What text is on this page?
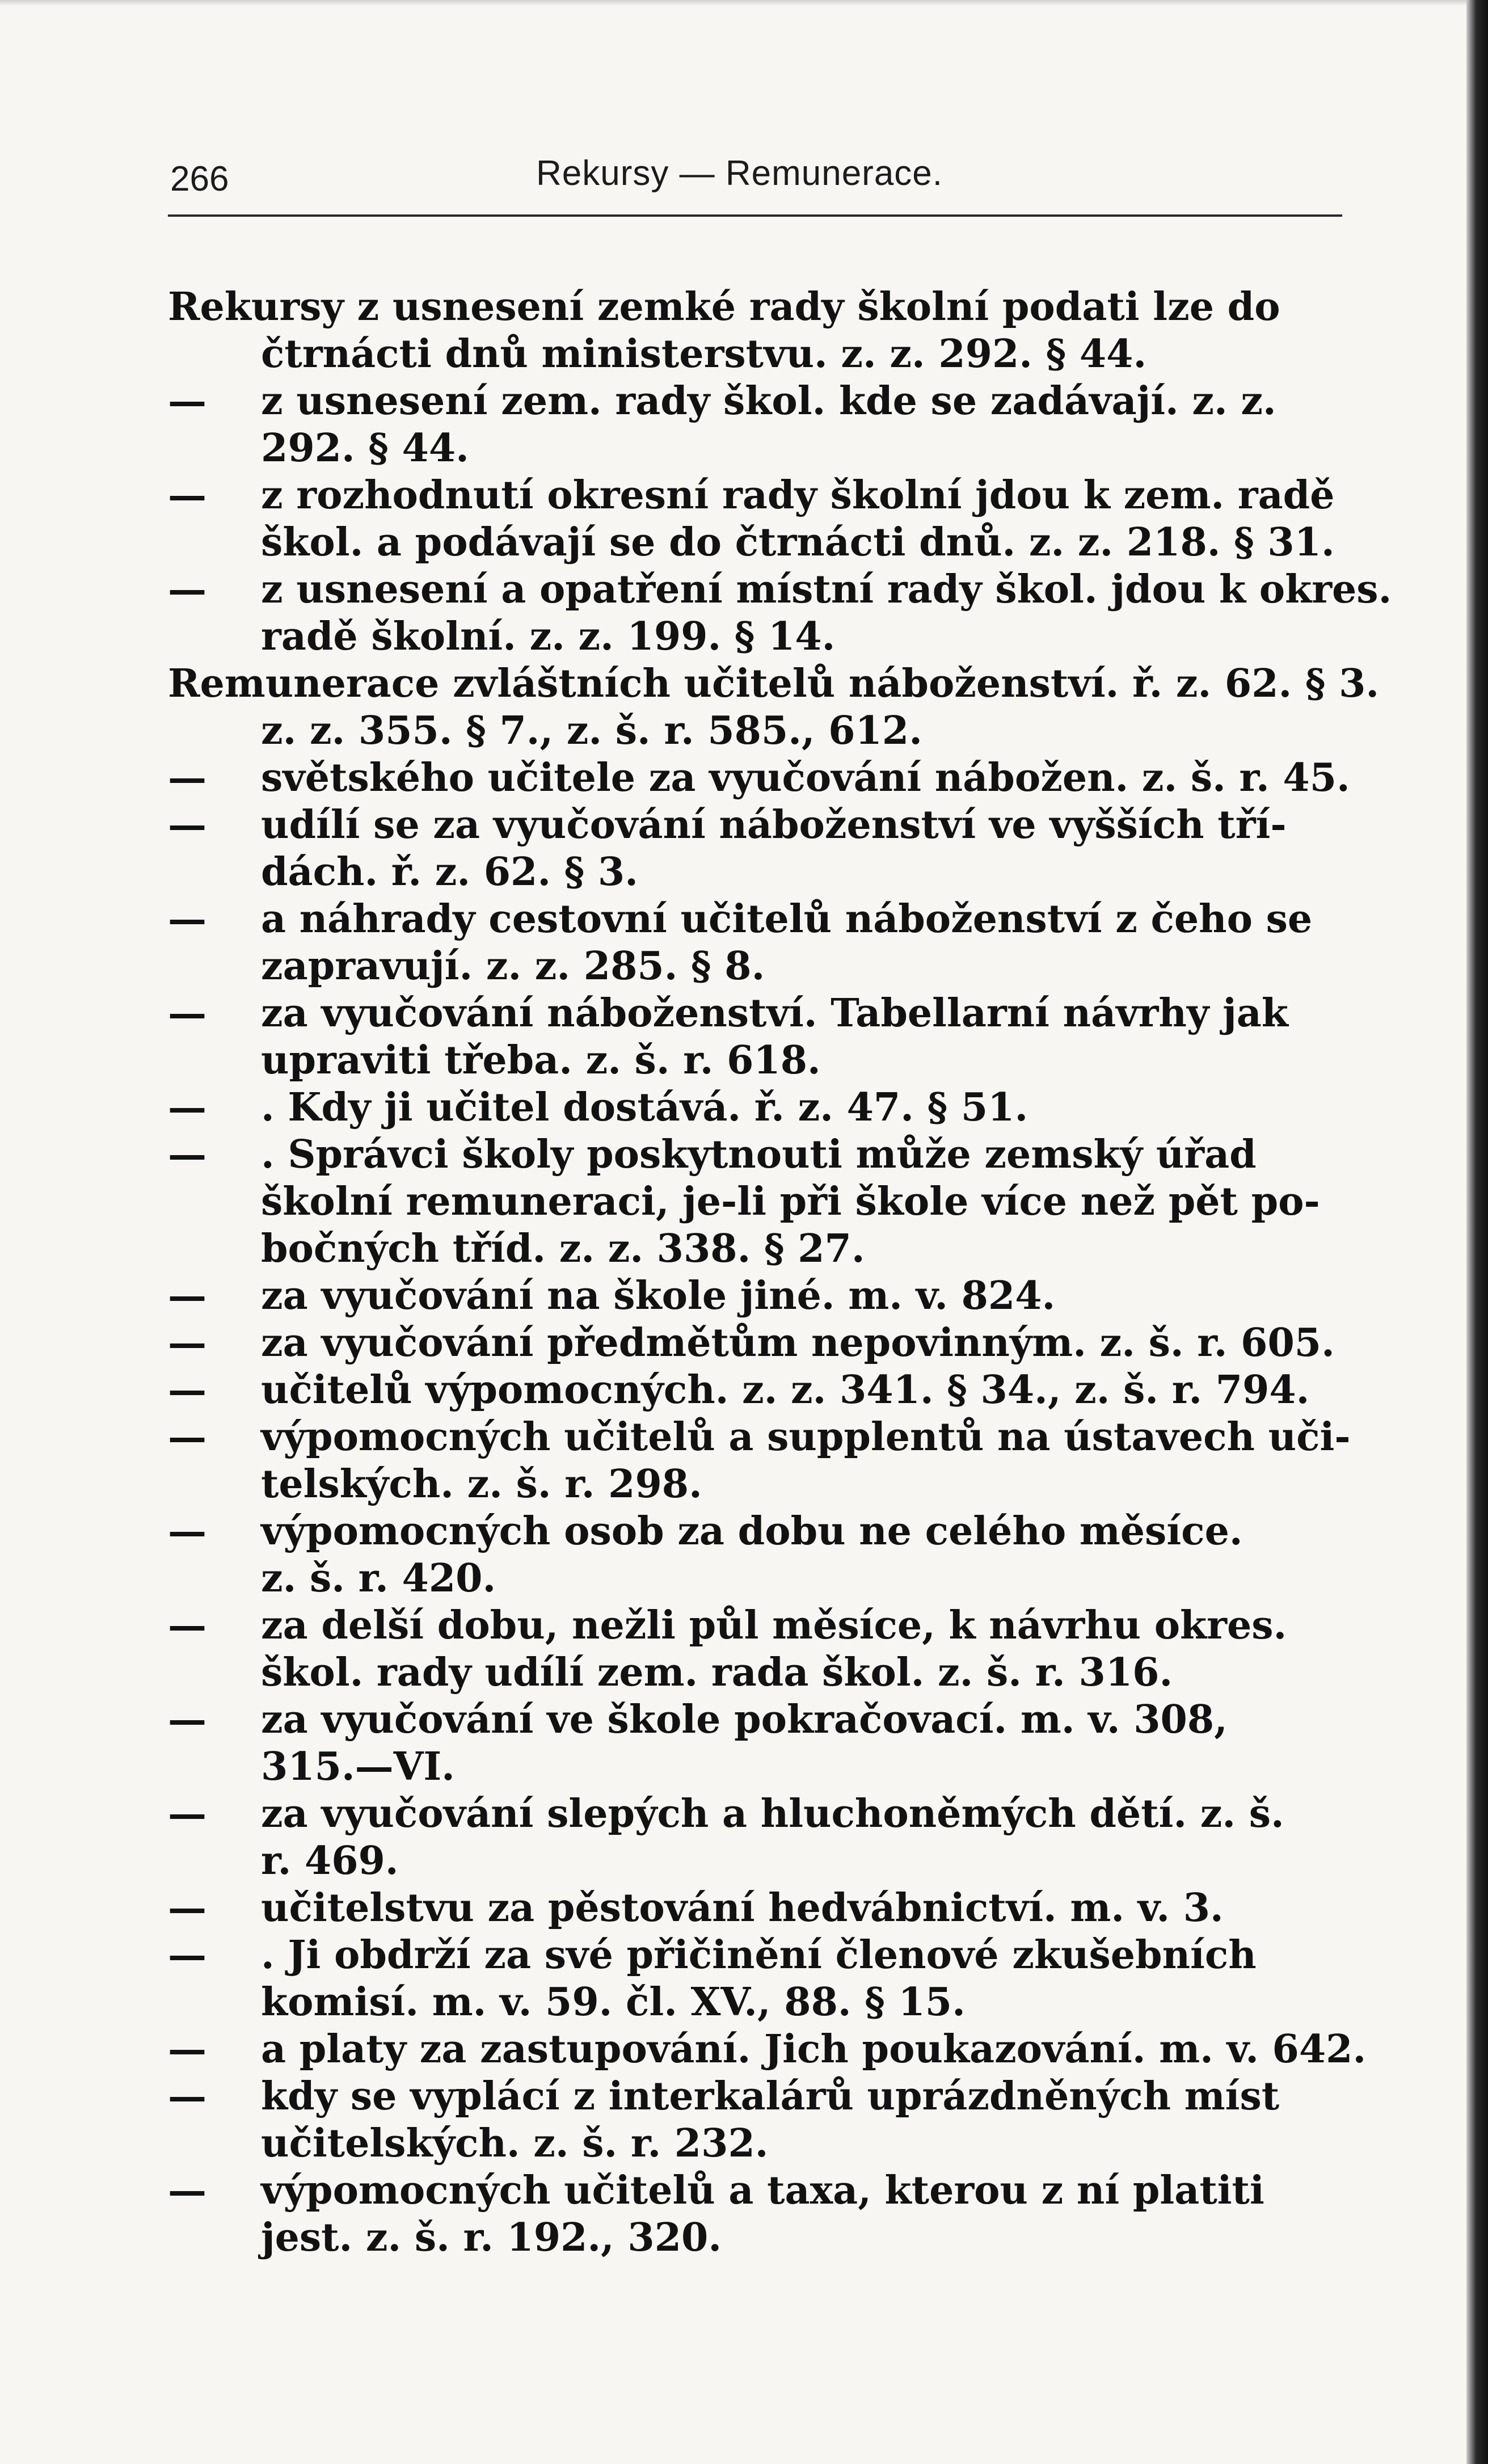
266	Rekursy — Remunerace.
Rekursy z usnesení zemké rady školní podati lze do
čtrnácti dnů ministerstvu. z. z. 292. § 44.
— z usnesení zem. rady škol. kde se zadávají. z. z.
292. § 44.
— z rozhodnutí okresní rady školní jdou k zem. radě
škol. a podávají se do čtrnácti dnů. z. z. 218. § 31.
— z usnesení a opatření místní rady škol. jdou k okres.
radě školní. z. z. 199. § 14.
Remunerace zvláštních učitelů náboženství. ř. z. 62. § 3.
z. z. 355. § 7., z. š. r. 585., 612.
— světského učitele za vyučování nábožen. z. š. r. 45.
— udílí se za vyučování náboženství ve vyšších tří-
dách. ř. z. 62. § 3.
— a náhrady cestovní učitelů náboženství z čeho se
zapravují. z. z. 285. § 8.
— za vyučování náboženství. Tabellarní návrhy jak
upraviti třeba. z. š. r. 618.
— . Kdy ji učitel dostává. ř. z. 47. § 51.
— . Správci školy poskytnouti může zemský úřad
školní remuneraci, je-li při škole více než pět po-
bočných tříd. z. z. 338. § 27.
— za vyučování na škole jiné. m. v. 824.
— za vyučování předmětům nepovinným. z. š. r. 605.
— učitelů výpomocných. z. z. 341. § 34., z. š. r. 794.
— výpomocných učitelů a supplentů na ústavech uči-
telských. z. š. r. 298.
— výpomocných osob za dobu ne celého měsíce.
z. š. r. 420.
— za delší dobu, nežli půl měsíce, k návrhu okres.
škol. rady udílí zem. rada škol. z. š. r. 316.
— za vyučování ve škole pokračovací. m. v. 308,
315.—VI.
— za vyučování slepých a hluchoněmých dětí. z. š.
r. 469.
— učitelstvu za pěstování hedvábnictví. m. v. 3.
— . Ji obdrží za své přičinění členové zkušebních
komisí. m. v. 59. čl. XV., 88. § 15.
— a platy za zastupování. Jich poukazování. m. v. 642.
— kdy se vyplácí z interkalárů uprázdněných míst
učitelských. z. š. r. 232.
— výpomocných učitelů a taxa, kterou z ní platiti
jest. z. š. r. 192., 320.
